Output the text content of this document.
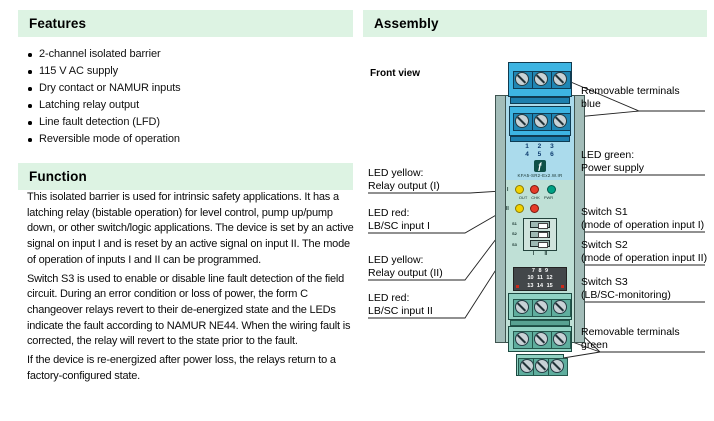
Features
2-channel isolated barrier
115 V AC supply
Dry contact or NAMUR inputs
Latching relay output
Line fault detection (LFD)
Reversible mode of operation
Function

This isolated barrier is used for intrinsic safety applications. It has a latching relay (bistable operation) for level control, pump up/pump down, or other switch/logic applications. The device is set by an active signal on input I and is reset by an active signal on input II. The mode of operation of inputs I and II can be programmed.

Switch S3 is used to enable or disable line fault detection of the field circuit. During an error condition or loss of power, the form C changeover relays revert to their de-energized state and the LEDs indicate the fault according to NAMUR NE44. When the wiring fault is corrected, the relay will revert to the state prior to the fault.

If the device is re-energized after power loss, the relays return to a factory-configured state.

Assembly
Front view
1 2 3
4 5 6
ƒ
KFA5-SR2-Ex2.W.IR
I
OUT CHK PWR
II
S1
S2
S3
I II
7 8 9
10 11 12
13 14 15
LED yellow:
Relay output (I)
LED red:
LB/SC input I
LED yellow:
Relay output (II)
LED red:
LB/SC input II
Removable terminals
blue
LED green:
Power supply
Switch S1
(mode of operation input I)
Switch S2
(mode of operation input II)
Switch S3
(LB/SC-monitoring)
Removable terminals
green
